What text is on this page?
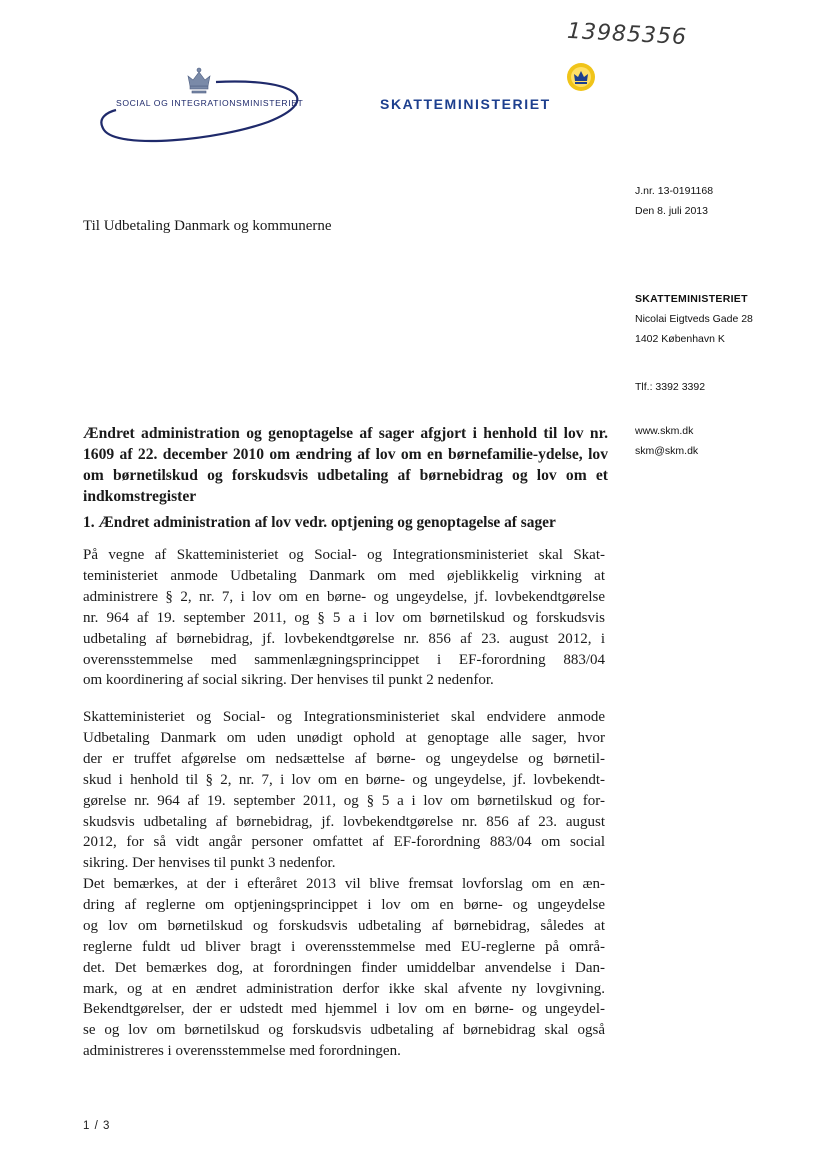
13985356
SOCIAL OG INTEGRATIONSMINISTERIET	SKATTEMINISTERIET
J.nr. 13-0191168
Den 8. juli 2013
SKATTEMINISTERIET
Nicolai Eigtveds Gade 28
1402 København K
Tlf.: 3392 3392
www.skm.dk
skm@skm.dk
Til Udbetaling Danmark og kommunerne
Ændret administration og genoptagelse af sager afgjort i henhold til lov nr. 1609 af 22. december 2010 om ændring af lov om en børnefamilie-ydelse, lov om børnetilskud og forskudsvis udbetaling af børnebidrag og lov om et indkomstregister
1. Ændret administration af lov vedr. optjening og genoptagelse af sager
På vegne af Skatteministeriet og Social- og Integrationsministeriet skal Skat-
teministeriet anmode Udbetaling Danmark om med øjeblikkelig virkning at
administrere § 2, nr. 7, i lov om en børne- og ungeydelse, jf. lovbekendtgørelse
nr. 964 af 19. september 2011, og § 5 a i lov om børnetilskud og forskudsvis
udbetaling af børnebidrag, jf. lovbekendtgørelse nr. 856 af 23. august 2012, i
overensstemmelse med sammenlægningsprincippet i EF-forordning 883/04
om koordinering af social sikring. Der henvises til punkt 2 nedenfor.
Skatteministeriet og Social- og Integrationsministeriet skal endvidere anmode
Udbetaling Danmark om uden unødigt ophold at genoptage alle sager, hvor
der er truffet afgørelse om nedsættelse af børne- og ungeydelse og børnetil-
skud i henhold til § 2, nr. 7, i lov om en børne- og ungeydelse, jf. lovbekendt-
gørelse nr. 964 af 19. september 2011, og § 5 a i lov om børnetilskud og for-
skudsvis udbetaling af børnebidrag, jf. lovbekendtgørelse nr. 856 af 23. august
2012, for så vidt angår personer omfattet af EF-forordning 883/04 om social
sikring. Der henvises til punkt 3 nedenfor.
Det bemærkes, at der i efteråret 2013 vil blive fremsat lovforslag om en æn-
dring af reglerne om optjeningsprincippet i lov om en børne- og ungeydelse
og lov om børnetilskud og forskudsvis udbetaling af børnebidrag, således at
reglerne fuldt ud bliver bragt i overensstemmelse med EU-reglerne på områ-
det. Det bemærkes dog, at forordningen finder umiddelbar anvendelse i Dan-
mark, og at en ændret administration derfor ikke skal afvente ny lovgivning.
Bekendtgørelser, der er udstedt med hjemmel i lov om en børne- og ungeydel-
se og lov om børnetilskud og forskudsvis udbetaling af børnebidrag skal også
administreres i overensstemmelse med forordningen.
1 / 3
